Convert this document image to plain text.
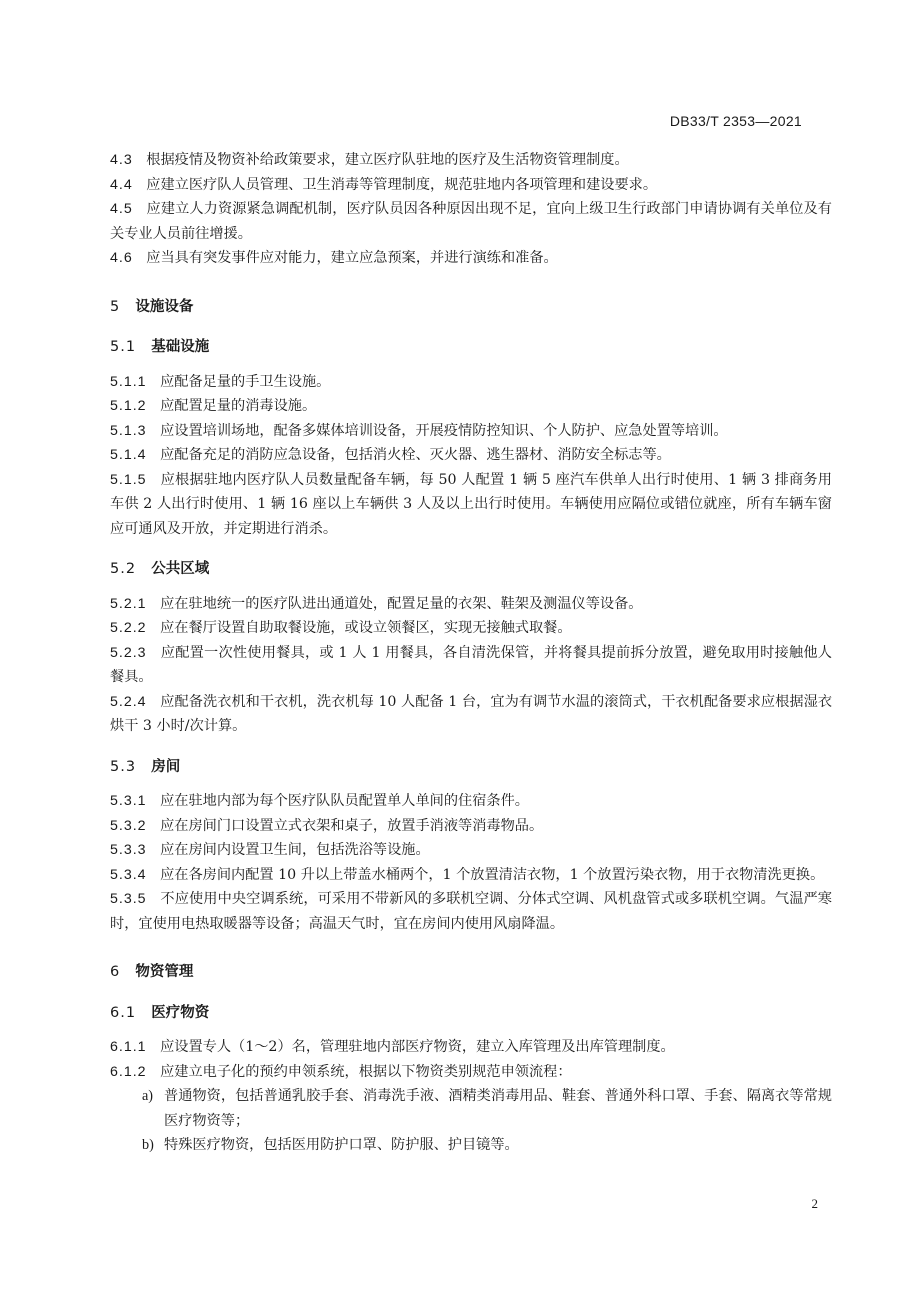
DB33/T 2353—2021

4.3 根据疫情及物资补给政策要求，建立医疗队驻地的医疗及生活物资管理制度。

4.4 应建立医疗队人员管理、卫生消毒等管理制度，规范驻地内各项管理和建设要求。

4.5 应建立人力资源紧急调配机制，医疗队员因各种原因出现不足，宜向上级卫生行政部门申请协调有关单位及有关专业人员前往增援。

4.6 应当具有突发事件应对能力，建立应急预案，并进行演练和准备。

5 设施设备

5.1 基础设施

5.1.1 应配备足量的手卫生设施。

5.1.2 应配置足量的消毒设施。

5.1.3 应设置培训场地，配备多媒体培训设备，开展疫情防控知识、个人防护、应急处置等培训。

5.1.4 应配备充足的消防应急设备，包括消火栓、灭火器、逃生器材、消防安全标志等。

5.1.5 应根据驻地内医疗队人员数量配备车辆，每 50 人配置 1 辆 5 座汽车供单人出行时使用、1 辆 3 排商务用车供 2 人出行时使用、1 辆 16 座以上车辆供 3 人及以上出行时使用。车辆使用应隔位或错位就座，所有车辆车窗应可通风及开放，并定期进行消杀。

5.2 公共区域

5.2.1 应在驻地统一的医疗队进出通道处，配置足量的衣架、鞋架及测温仪等设备。

5.2.2 应在餐厅设置自助取餐设施，或设立领餐区，实现无接触式取餐。

5.2.3 应配置一次性使用餐具，或 1 人 1 用餐具，各自清洗保管，并将餐具提前拆分放置，避免取用时接触他人餐具。

5.2.4 应配备洗衣机和干衣机，洗衣机每 10 人配备 1 台，宜为有调节水温的滚筒式，干衣机配备要求应根据湿衣烘干 3 小时/次计算。

5.3 房间

5.3.1 应在驻地内部为每个医疗队队员配置单人单间的住宿条件。

5.3.2 应在房间门口设置立式衣架和桌子，放置手消液等消毒物品。

5.3.3 应在房间内设置卫生间，包括洗浴等设施。

5.3.4 应在各房间内配置 10 升以上带盖水桶两个，1 个放置清洁衣物，1 个放置污染衣物，用于衣物清洗更换。

5.3.5 不应使用中央空调系统，可采用不带新风的多联机空调、分体式空调、风机盘管式或多联机空调。气温严寒时，宜使用电热取暖器等设备；高温天气时，宜在房间内使用风扇降温。

6 物资管理

6.1 医疗物资

6.1.1 应设置专人（1～2）名，管理驻地内部医疗物资，建立入库管理及出库管理制度。

6.1.2 应建立电子化的预约申领系统，根据以下物资类别规范申领流程：

a) 普通物资，包括普通乳胶手套、消毒洗手液、酒精类消毒用品、鞋套、普通外科口罩、手套、隔离衣等常规医疗物资等；

b) 特殊医疗物资，包括医用防护口罩、防护服、护目镜等。

2
